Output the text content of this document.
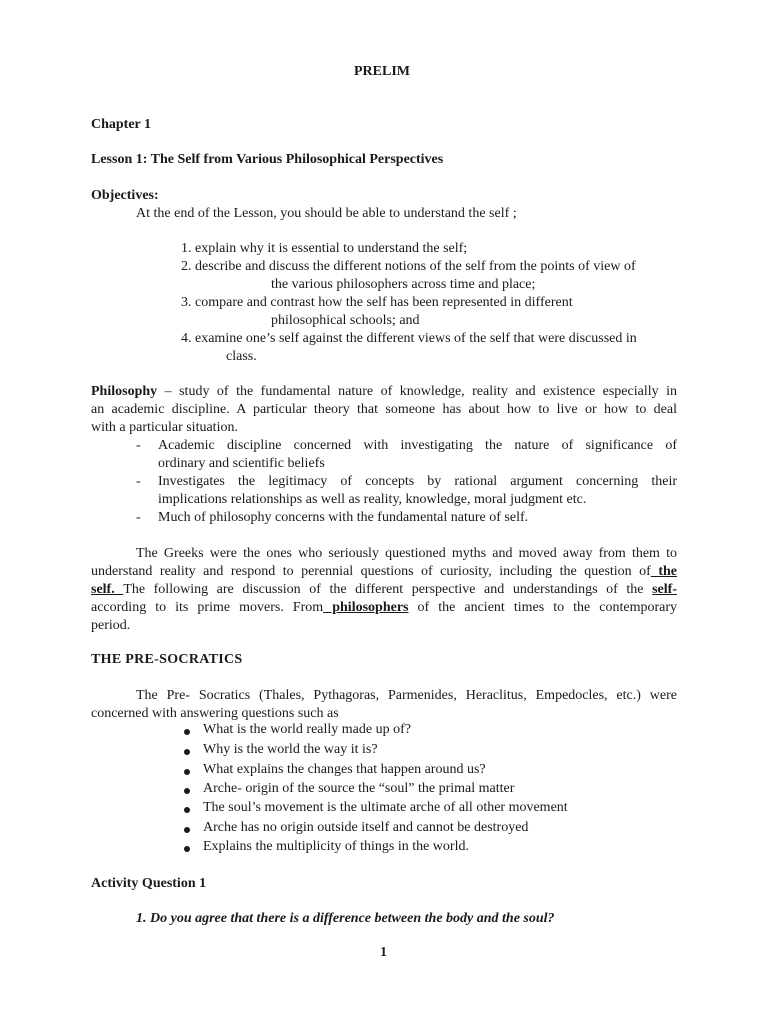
PRELIM
Chapter 1
Lesson 1: The Self from Various Philosophical Perspectives
Objectives:
At the end of the Lesson, you should be able to understand the self ;
1. explain why it is essential to understand the self;
2. describe and discuss the different notions of the self from the points of view of
the various philosophers across time and place;
3. compare and contrast how the self has been represented in different
philosophical schools; and
4. examine one’s self against the different views of the self that were discussed in
class.
Philosophy – study of the fundamental nature of knowledge, reality and existence especially in
an academic discipline. A particular theory that someone has about how to live or how to deal
with a particular situation.
- Academic discipline concerned with investigating the nature of significance of
ordinary and scientific beliefs
- Investigates the legitimacy of concepts by rational argument concerning their
implications relationships as well as reality, knowledge, moral judgment etc.
- Much of philosophy concerns with the fundamental nature of self.
The Greeks were the ones who seriously questioned myths and moved away from them to
understand reality and respond to perennial questions of curiosity, including the question of the
self. The following are discussion of the different perspective and understandings of the self-
according to its prime movers. From philosophers of the ancient times to the contemporary
period.
THE PRE-SOCRATICS
The Pre- Socratics (Thales, Pythagoras, Parmenides, Heraclitus, Empedocles, etc.) were
concerned with answering questions such as
What is the world really made up of?
Why is the world the way it is?
What explains the changes that happen around us?
Arche- origin of the source the “soul” the primal matter
The soul’s movement is the ultimate arche of all other movement
Arche has no origin outside itself and cannot be destroyed
Explains the multiplicity of things in the world.
Activity Question 1
1. Do you agree that there is a difference between the body and the soul?
1
